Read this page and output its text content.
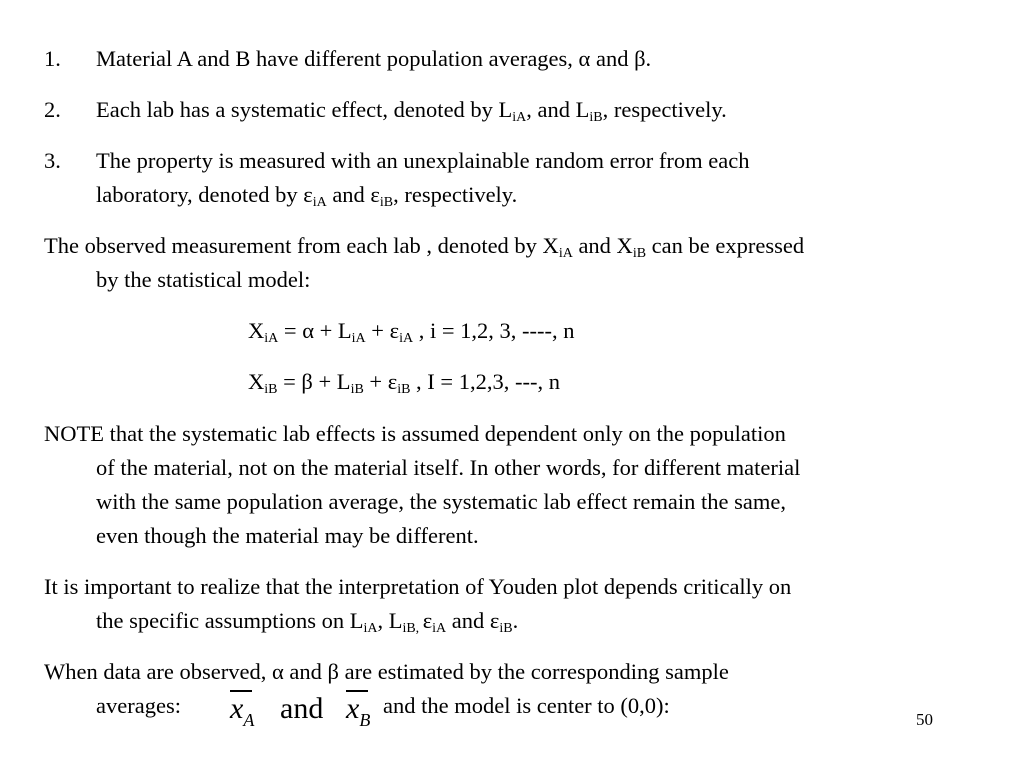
1. Material A and B have different population averages, α and β.
2. Each lab has a systematic effect, denoted by $L_{iA}$, and $L_{iB}$, respectively.
3. The property is measured with an unexplainable random error from each
laboratory, denoted by $\varepsilon_{iA}$ and $\varepsilon_{iB}$, respectively.
The observed measurement from each lab , denoted by $X_{iA}$ and $X_{iB}$ can be expressed
by the statistical model:
$X_{iA} = \alpha + L_{iA} + \varepsilon_{iA}$ , i = 1,2, 3, ----, n
$X_{iB} = \beta + L_{iB} + \varepsilon_{iB}$ , I = 1,2,3, ---, n
NOTE that the systematic lab effects is assumed dependent only on the population
of the material, not on the material itself. In other words, for different material
with the same population average, the systematic lab effect remain the same,
even though the material may be different.
It is important to realize that the interpretation of Youden plot depends critically on
the specific assumptions on $L_{iA}$, $L_{iB,}$ $\varepsilon_{iA}$ and $\varepsilon_{iB}$.
When data are observed, α and β are estimated by the corresponding sample
averages: $x_A$ and $x_B$
and the model is center to (0,0):
50
